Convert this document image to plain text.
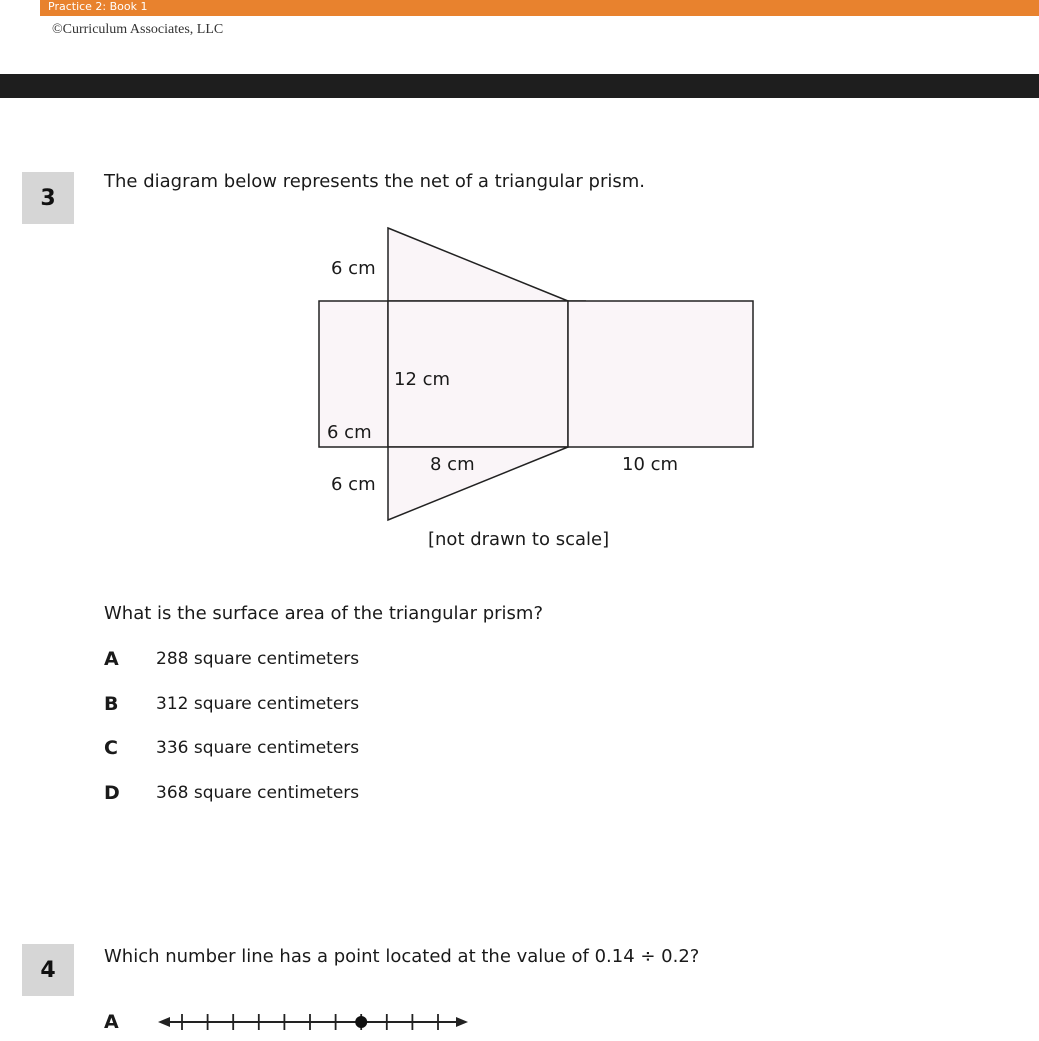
Practice 2: Book 1
©Curriculum Associates, LLC
3
The diagram below represents the net of a triangular prism.
6 cm
12 cm
6 cm
8 cm
6 cm
10 cm
[not drawn to scale]
What is the surface area of the triangular prism?
A	288 square centimeters
B	312 square centimeters
C	336 square centimeters
D	368 square centimeters
4
Which number line has a point located at the value of 0.14 ÷ 0.2?
A
